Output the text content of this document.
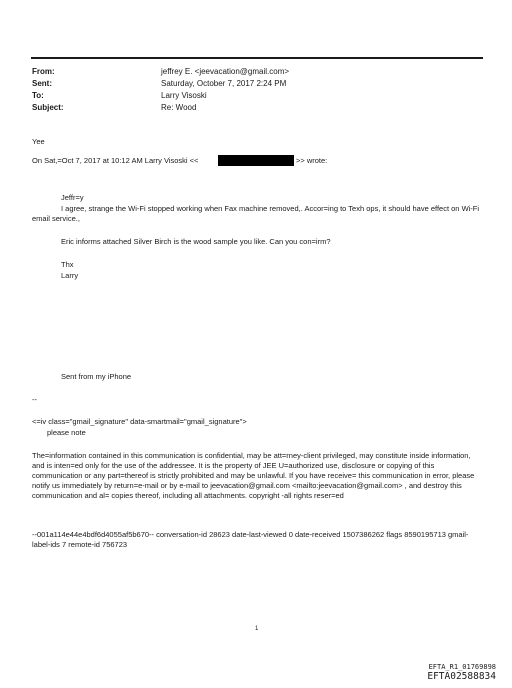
From:	jeffrey E. <jeevacation@gmail.com>
Sent:	Saturday, October 7, 2017 2:24 PM
To:	Larry Visoski
Subject:	Re: Wood
Yee
On Sat,=Oct 7, 2017 at 10:12 AM Larry Visoski <<	>> wrote:
Jeffr=y
I agree, strange the Wi-Fi stopped working when Fax machine removed,. Accor=ing to Texh ops, it should have effect on Wi-Fi email service.,
Eric informs attached Silver Birch is the wood sample you like. Can you con=irm?
Thx
Larry
Sent from my iPhone
--
<=iv class="gmail_signature" data-smartmail="gmail_signature">
please note
The=information contained in this communication is confidential, may be att=rney-client privileged, may constitute inside information, and is inten=ed only for the use of the addressee. It is the property of JEE U=authorized use, disclosure or copying of this communication or any part=thereof is strictly prohibited and may be unlawful. If you have receive= this communication in error, please notify us immediately by return=e-mail or by e-mail to jeevacation@gmail.com <mailto:jeevacation@gmail.com> , and destroy this communication and al= copies thereof, including all attachments. copyright -all rights reser=ed
--001a114e44e4bdf6d4055af5b670-- conversation-id 28623 date-last-viewed 0 date-received 1507386262 flags 8590195713 gmail-label-ids 7 remote-id 756723
1
EFTA_R1_01769898
EFTA02588834
